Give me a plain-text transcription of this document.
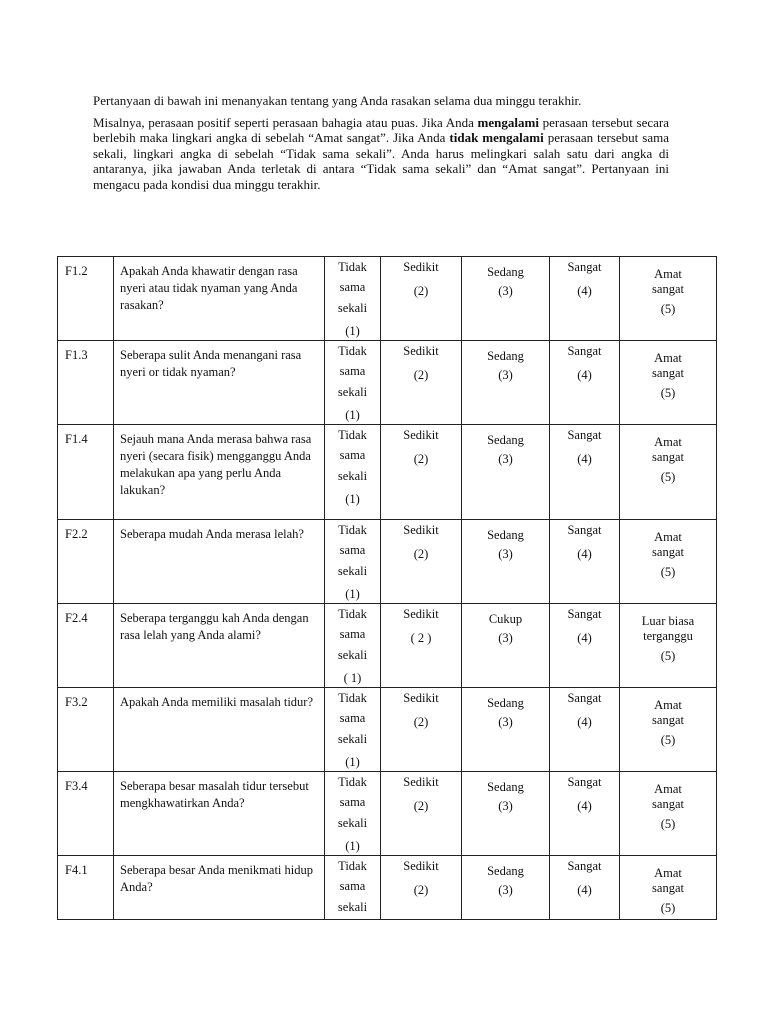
Pertanyaan di bawah ini menanyakan tentang yang Anda rasakan selama dua minggu terakhir.

Misalnya, perasaan positif seperti perasaan bahagia atau puas. Jika Anda mengalami perasaan tersebut secara berlebih maka lingkari angka di sebelah “Amat sangat”. Jika Anda tidak mengalami perasaan tersebut sama sekali, lingkari angka di sebelah “Tidak sama sekali”. Anda harus melingkari salah satu dari angka di antaranya, jika jawaban Anda terletak di antara “Tidak sama sekali” dan “Amat sangat”. Pertanyaan ini mengacu pada kondisi dua minggu terakhir.

F1.2	Apakah Anda khawatir dengan rasa nyeri atau tidak nyaman yang Anda rasakan?	Tidak
sama
sekali
(1)	Sedikit
(2)	Sedang
(3)	Sangat
(4)	Amat
sangat
(5)

F1.3	Seberapa sulit Anda menangani rasa nyeri or tidak nyaman?	Tidak
sama
sekali
(1)	Sedikit
(2)	Sedang
(3)	Sangat
(4)	Amat
sangat
(5)

F1.4	Sejauh mana Anda merasa bahwa rasa nyeri (secara fisik) mengganggu Anda melakukan apa yang perlu Anda lakukan?	Tidak
sama
sekali
(1)	Sedikit
(2)	Sedang
(3)	Sangat
(4)	Amat
sangat
(5)

F2.2	Seberapa mudah Anda merasa lelah?	Tidak
sama
sekali
(1)	Sedikit
(2)	Sedang
(3)	Sangat
(4)	Amat
sangat
(5)

F2.4	Seberapa terganggu kah Anda dengan rasa lelah yang Anda alami?	Tidak
sama
sekali
( 1)	Sedikit
( 2 )	Cukup
(3)	Sangat
(4)	Luar biasa
terganggu
(5)

F3.2	Apakah Anda memiliki masalah tidur?	Tidak
sama
sekali
(1)	Sedikit
(2)	Sedang
(3)	Sangat
(4)	Amat
sangat
(5)

F3.4	Seberapa besar masalah tidur tersebut mengkhawatirkan Anda?	Tidak
sama
sekali
(1)	Sedikit
(2)	Sedang
(3)	Sangat
(4)	Amat
sangat
(5)

F4.1	Seberapa besar Anda menikmati hidup Anda?	Tidak
sama
sekali	Sedikit
(2)	Sedang
(3)	Sangat
(4)	Amat
sangat
(5)
